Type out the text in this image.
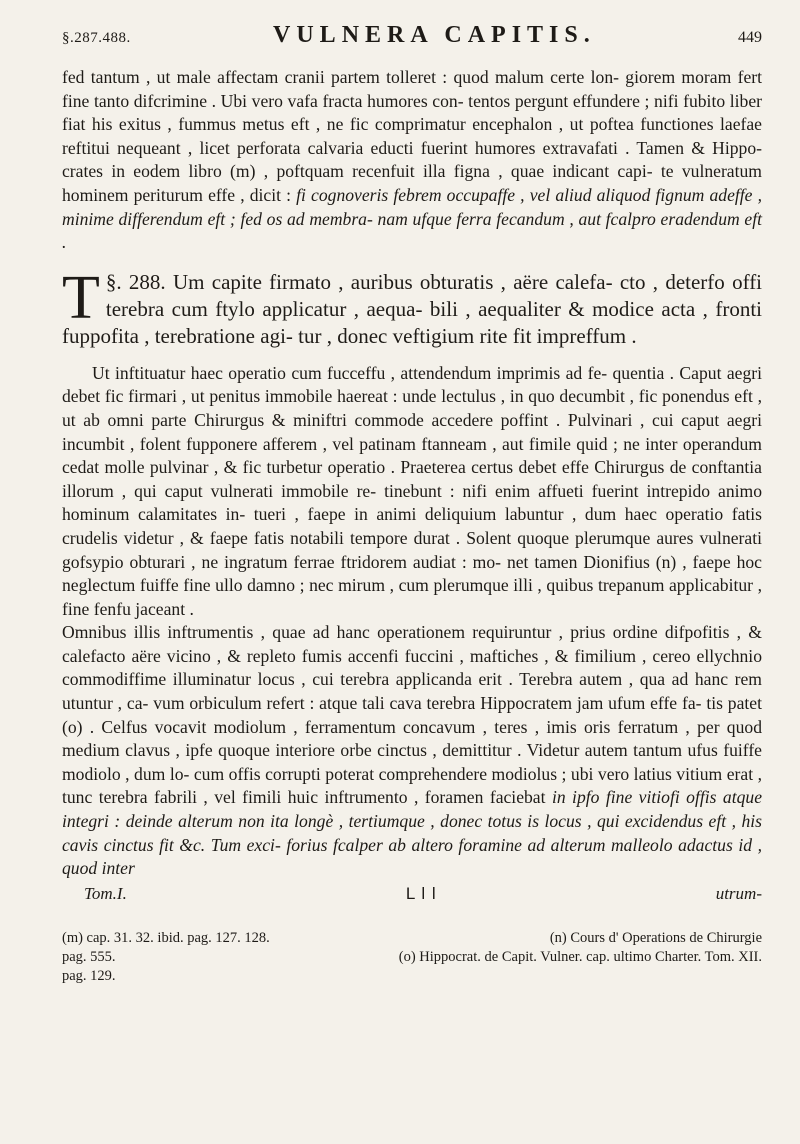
§.287.488.	VULNERA CAPITIS.	449

fed tantum , ut male affectam cranii partem tolleret : quod malum certe lon- giorem moram fert fine tanto difcrimine . Ubi vero vafa fracta humores con- tentos pergunt effundere ; nifi fubito liber fiat his exitus , fummus metus eft , ne fic comprimatur encephalon , ut poftea functiones laefae reftitui nequeant , licet perforata calvaria educti fuerint humores extravafati . Tamen & Hippo- crates in eodem libro (m) , poftquam recenfuit illa figna , quae indicant capi- te vulneratum hominem periturum effe , dicit : fi cognoveris febrem occupaffe , vel aliud aliquod fignum adeffe , minime differendum eft ; fed os ad membra- nam ufque ferra fecandum , aut fcalpro eradendum eft .

§. 288.
T	Um capite firmato , auribus obturatis , aëre calefa- cto , deterfo offi terebra cum ftylo applicatur , aequa- bili , aequaliter & modice acta , fronti fuppofita , terebratione agi- tur , donec veftigium rite fit impreffum .

Ut inftituatur haec operatio cum fucceffu , attendendum imprimis ad fe- quentia . Caput aegri debet fic firmari , ut penitus immobile haereat : unde lectulus , in quo decumbit , fic ponendus eft , ut ab omni parte Chirurgus & miniftri commode accedere poffint . Pulvinari , cui caput aegri incumbit , folent fupponere afferem , vel patinam ftanneam , aut fimile quid ; ne inter operandum cedat molle pulvinar , & fic turbetur operatio . Praeterea certus debet effe Chirurgus de conftantia illorum , qui caput vulnerati immobile re- tinebunt : nifi enim affueti fuerint intrepido animo hominum calamitates in- tueri , faepe in animi deliquium labuntur , dum haec operatio fatis crudelis videtur , & faepe fatis notabili tempore durat . Solent quoque plerumque aures vulnerati gofsypio obturari , ne ingratum ferrae ftridorem audiat : mo- net tamen Dionifius (n) , faepe hoc neglectum fuiffe fine ullo damno ; nec mirum , cum plerumque illi , quibus trepanum applicabitur , fine fenfu jaceant .

Omnibus illis inftrumentis , quae ad hanc operationem requiruntur , prius ordine difpofitis , & calefacto aëre vicino , & repleto fumis accenfi fuccini , maftiches , & fimilium , cereo ellychnio commodiffime illuminatur locus , cui terebra applicanda erit . Terebra autem , qua ad hanc rem utuntur , ca- vum orbiculum refert : atque tali cava terebra Hippocratem jam ufum effe fa- tis patet (o) . Celfus vocavit modiolum , ferramentum concavum , teres , imis oris ferratum , per quod medium clavus , ipfe quoque interiore orbe cinctus , demittitur . Videtur autem tantum ufus fuiffe modiolo , dum lo- cum offis corrupti poterat comprehendere modiolus ; ubi vero latius vitium erat , tunc terebra fabrili , vel fimili huic inftrumento , foramen faciebat in ipfo fine vitiofi offis atque integri : deinde alterum non ita longè , tertiumque , donec totus is locus , qui excidendus eft , his cavis cinctus fit &c. Tum exci- forius fcalper ab altero foramine ad alterum malleolo adactus id , quod inter

Tom.I.	L l l	utrum-
(m) cap. 31. 32. ibid. pag. 127. 128.	(n) Cours d' Operations de Chirurgie
pag. 555.	(o) Hippocrat. de Capit. Vulner. cap. ultimo Charter. Tom. XII.
pag. 129.
